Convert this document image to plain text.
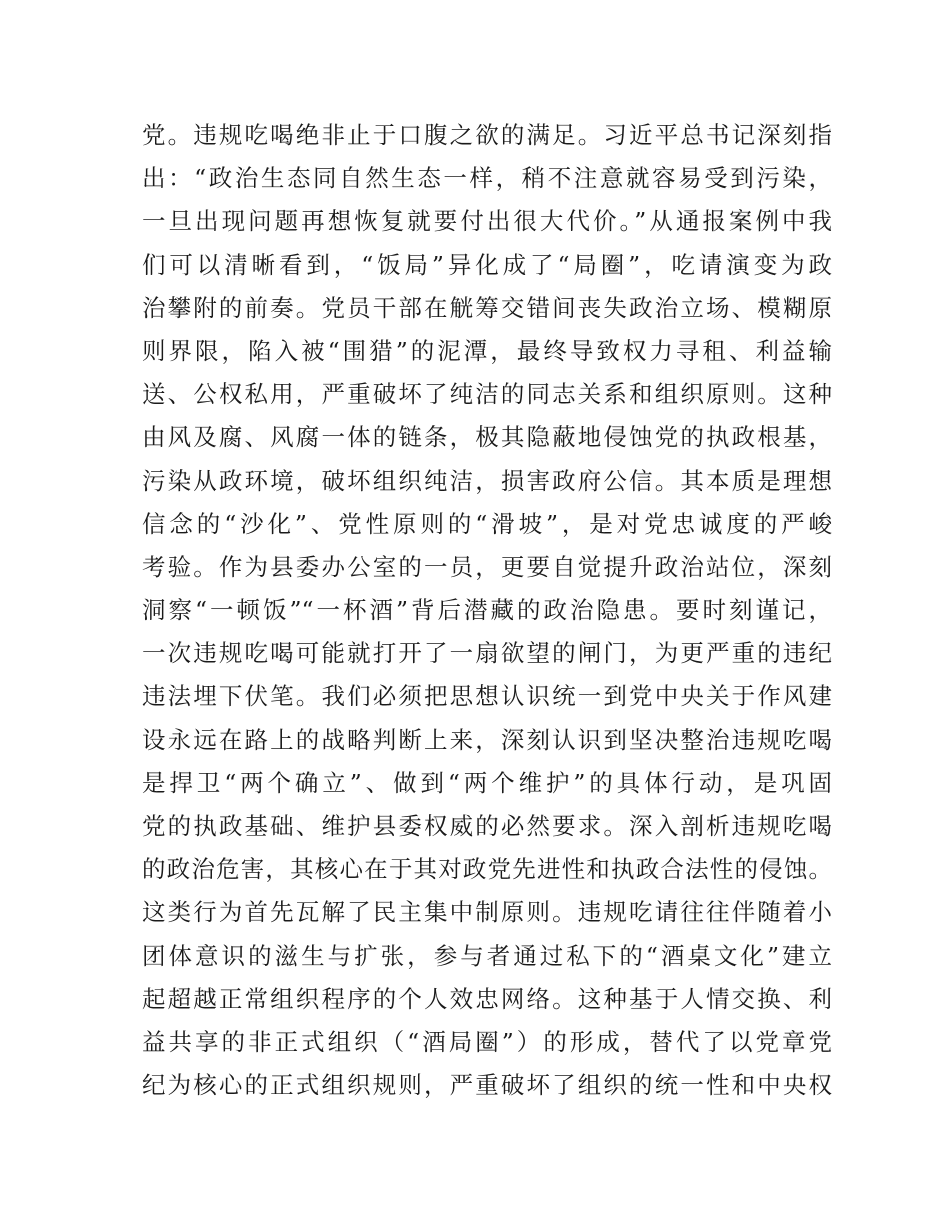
党。违规吃喝绝非止于口腹之欲的满足。习近平总书记深刻指
出：“政治生态同自然生态一样，稍不注意就容易受到污染，
一旦出现问题再想恢复就要付出很大代价。”从通报案例中我
们可以清晰看到，“饭局”异化成了“局圈”，吃请演变为政
治攀附的前奏。党员干部在觥筹交错间丧失政治立场、模糊原
则界限，陷入被“围猎”的泥潭，最终导致权力寻租、利益输
送、公权私用，严重破坏了纯洁的同志关系和组织原则。这种
由风及腐、风腐一体的链条，极其隐蔽地侵蚀党的执政根基，
污染从政环境，破坏组织纯洁，损害政府公信。其本质是理想
信念的“沙化”、党性原则的“滑坡”，是对党忠诚度的严峻
考验。作为县委办公室的一员，更要自觉提升政治站位，深刻
洞察“一顿饭”“一杯酒”背后潜藏的政治隐患。要时刻谨记，
一次违规吃喝可能就打开了一扇欲望的闸门，为更严重的违纪
违法埋下伏笔。我们必须把思想认识统一到党中央关于作风建
设永远在路上的战略判断上来，深刻认识到坚决整治违规吃喝
是捍卫“两个确立”、做到“两个维护”的具体行动，是巩固
党的执政基础、维护县委权威的必然要求。深入剖析违规吃喝
的政治危害，其核心在于其对政党先进性和执政合法性的侵蚀。
这类行为首先瓦解了民主集中制原则。违规吃请往往伴随着小
团体意识的滋生与扩张，参与者通过私下的“酒桌文化”建立
起超越正常组织程序的个人效忠网络。这种基于人情交换、利
益共享的非正式组织（“酒局圈”）的形成，替代了以党章党
纪为核心的正式组织规则，严重破坏了组织的统一性和中央权
